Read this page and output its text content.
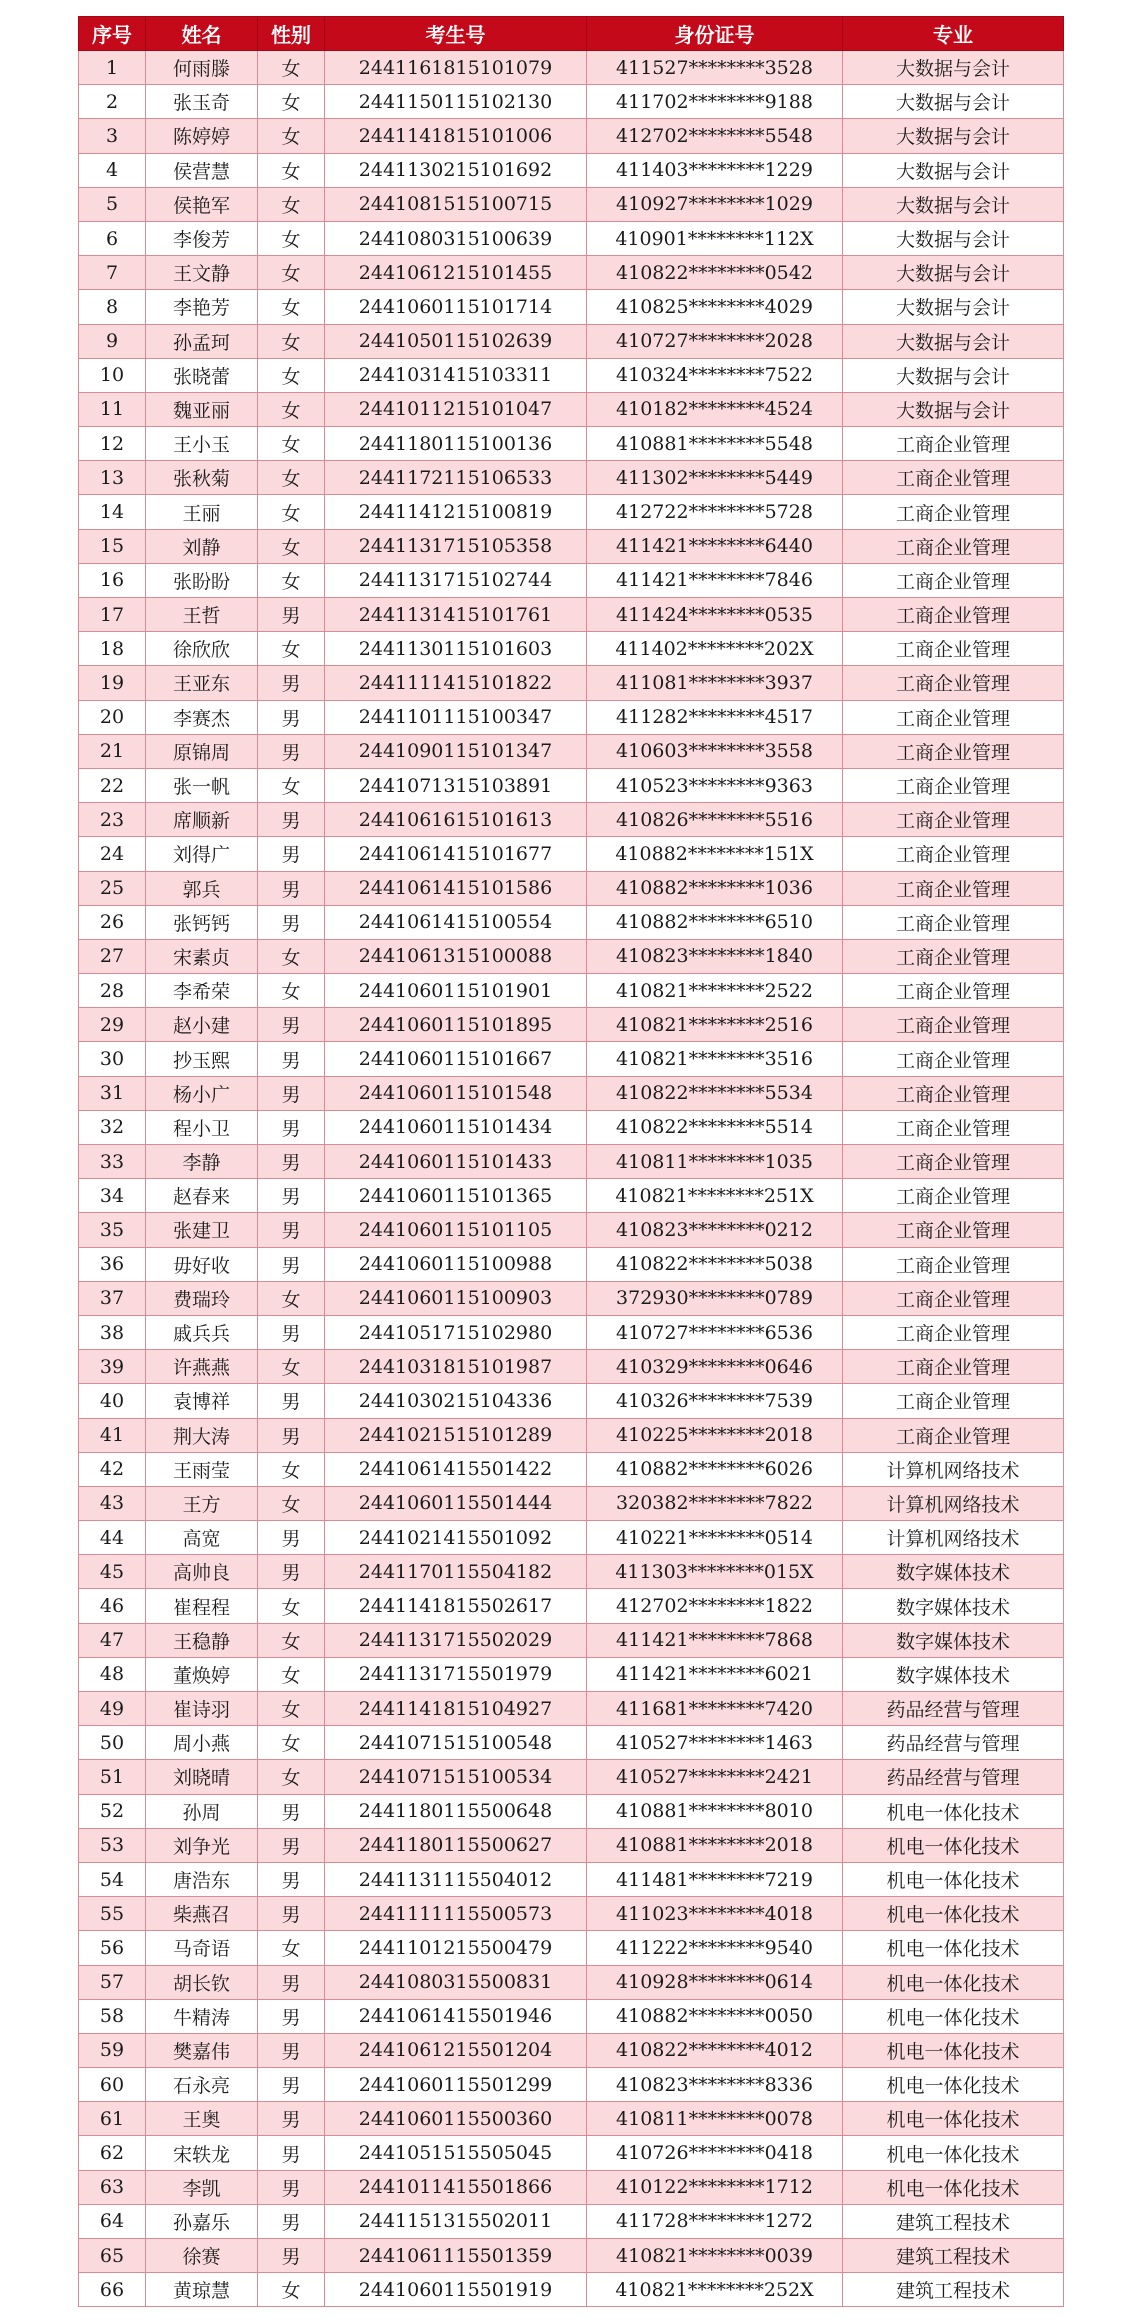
序号	姓名	性别	考生号	身份证号	专业
1	何雨滕	女	2441161815101079	411527********3528	大数据与会计
2	张玉奇	女	2441150115102130	411702********9188	大数据与会计
3	陈婷婷	女	2441141815101006	412702********5548	大数据与会计
4	侯营慧	女	2441130215101692	411403********1229	大数据与会计
5	侯艳军	女	2441081515100715	410927********1029	大数据与会计
6	李俊芳	女	2441080315100639	410901********112X	大数据与会计
7	王文静	女	2441061215101455	410822********0542	大数据与会计
8	李艳芳	女	2441060115101714	410825********4029	大数据与会计
9	孙孟珂	女	2441050115102639	410727********2028	大数据与会计
10	张晓蕾	女	2441031415103311	410324********7522	大数据与会计
11	魏亚丽	女	2441011215101047	410182********4524	大数据与会计
12	王小玉	女	2441180115100136	410881********5548	工商企业管理
13	张秋菊	女	2441172115106533	411302********5449	工商企业管理
14	王丽	女	2441141215100819	412722********5728	工商企业管理
15	刘静	女	2441131715105358	411421********6440	工商企业管理
16	张盼盼	女	2441131715102744	411421********7846	工商企业管理
17	王哲	男	2441131415101761	411424********0535	工商企业管理
18	徐欣欣	女	2441130115101603	411402********202X	工商企业管理
19	王亚东	男	2441111415101822	411081********3937	工商企业管理
20	李赛杰	男	2441101115100347	411282********4517	工商企业管理
21	原锦周	男	2441090115101347	410603********3558	工商企业管理
22	张一帆	女	2441071315103891	410523********9363	工商企业管理
23	席顺新	男	2441061615101613	410826********5516	工商企业管理
24	刘得广	男	2441061415101677	410882********151X	工商企业管理
25	郭兵	男	2441061415101586	410882********1036	工商企业管理
26	张钙钙	男	2441061415100554	410882********6510	工商企业管理
27	宋素贞	女	2441061315100088	410823********1840	工商企业管理
28	李希荣	女	2441060115101901	410821********2522	工商企业管理
29	赵小建	男	2441060115101895	410821********2516	工商企业管理
30	抄玉熙	男	2441060115101667	410821********3516	工商企业管理
31	杨小广	男	2441060115101548	410822********5534	工商企业管理
32	程小卫	男	2441060115101434	410822********5514	工商企业管理
33	李静	男	2441060115101433	410811********1035	工商企业管理
34	赵春来	男	2441060115101365	410821********251X	工商企业管理
35	张建卫	男	2441060115101105	410823********0212	工商企业管理
36	毋好收	男	2441060115100988	410822********5038	工商企业管理
37	费瑞玲	女	2441060115100903	372930********0789	工商企业管理
38	戚兵兵	男	2441051715102980	410727********6536	工商企业管理
39	许燕燕	女	2441031815101987	410329********0646	工商企业管理
40	袁博祥	男	2441030215104336	410326********7539	工商企业管理
41	荆大涛	男	2441021515101289	410225********2018	工商企业管理
42	王雨莹	女	2441061415501422	410882********6026	计算机网络技术
43	王方	女	2441060115501444	320382********7822	计算机网络技术
44	高宽	男	2441021415501092	410221********0514	计算机网络技术
45	高帅良	男	2441170115504182	411303********015X	数字媒体技术
46	崔程程	女	2441141815502617	412702********1822	数字媒体技术
47	王稳静	女	2441131715502029	411421********7868	数字媒体技术
48	董焕婷	女	2441131715501979	411421********6021	数字媒体技术
49	崔诗羽	女	2441141815104927	411681********7420	药品经营与管理
50	周小燕	女	2441071515100548	410527********1463	药品经营与管理
51	刘晓晴	女	2441071515100534	410527********2421	药品经营与管理
52	孙周	男	2441180115500648	410881********8010	机电一体化技术
53	刘争光	男	2441180115500627	410881********2018	机电一体化技术
54	唐浩东	男	2441131115504012	411481********7219	机电一体化技术
55	柴燕召	男	2441111115500573	411023********4018	机电一体化技术
56	马奇语	女	2441101215500479	411222********9540	机电一体化技术
57	胡长钦	男	2441080315500831	410928********0614	机电一体化技术
58	牛精涛	男	2441061415501946	410882********0050	机电一体化技术
59	樊嘉伟	男	2441061215501204	410822********4012	机电一体化技术
60	石永亮	男	2441060115501299	410823********8336	机电一体化技术
61	王奥	男	2441060115500360	410811********0078	机电一体化技术
62	宋轶龙	男	2441051515505045	410726********0418	机电一体化技术
63	李凯	男	2441011415501866	410122********1712	机电一体化技术
64	孙嘉乐	男	2441151315502011	411728********1272	建筑工程技术
65	徐赛	男	2441061115501359	410821********0039	建筑工程技术
66	黄琼慧	女	2441060115501919	410821********252X	建筑工程技术
